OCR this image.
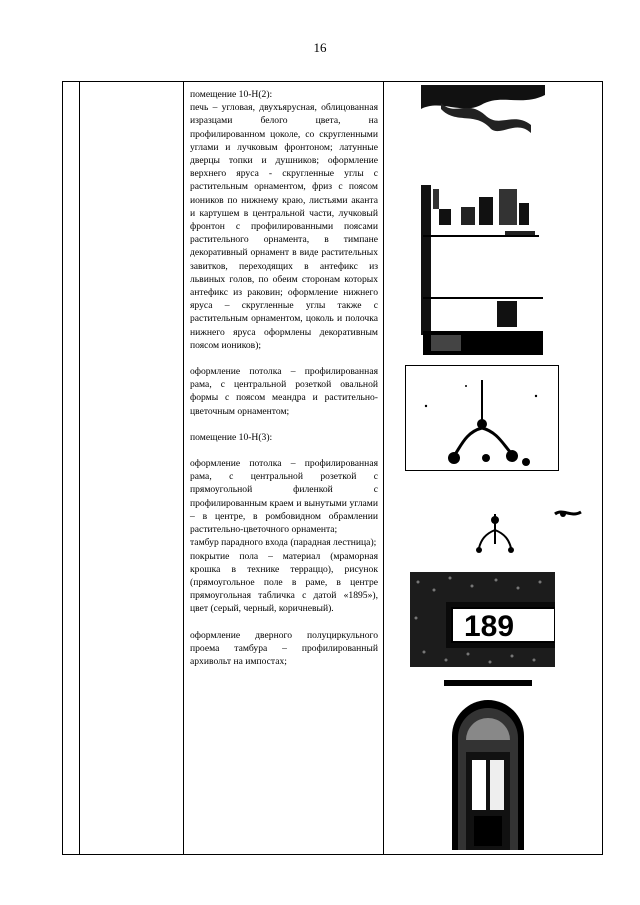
16

помещение 10-Н(2):

печь – угловая, двухъярусная, облицованная изразцами белого цвета, на профилированном цоколе, со скругленными углами и лучковым фронтоном; латунные дверцы топки и душников; оформление верхнего яруса - скругленные углы с растительным орнаментом, фриз с поясом иоников по нижнему краю, листьями аканта и картушем в центральной части, лучковый фронтон с профилированными поясами растительного орнамента, в тимпане декоративный орнамент в виде растительных завитков, переходящих в антефикс из львиных голов, по обеим сторонам которых антефикс из раковин; оформление нижнего яруса – скругленные углы также с растительным орнаментом, цоколь и полочка нижнего яруса оформлены декоративным поясом иоников);

оформление потолка – профилированная рама, с центральной розеткой овальной формы с поясом меандра и растительно-цветочным орнаментом;

помещение 10-Н(3):

оформление потолка – профилированная рама, с центральной розеткой с прямоугольной филенкой с профилированным краем и вынутыми углами – в центре, в ромбовидном обрамлении растительно-цветочного орнамента;

тамбур парадного входа (парадная лестница);

покрытие пола – материал (мраморная крошка в технике терраццо), рисунок (прямоугольное поле в раме, в центре прямоугольная табличка с датой «1895»), цвет (серый, черный, коричневый).

оформление дверного полуциркульного проема тамбура – профилированный архивольт на импостах;

189
